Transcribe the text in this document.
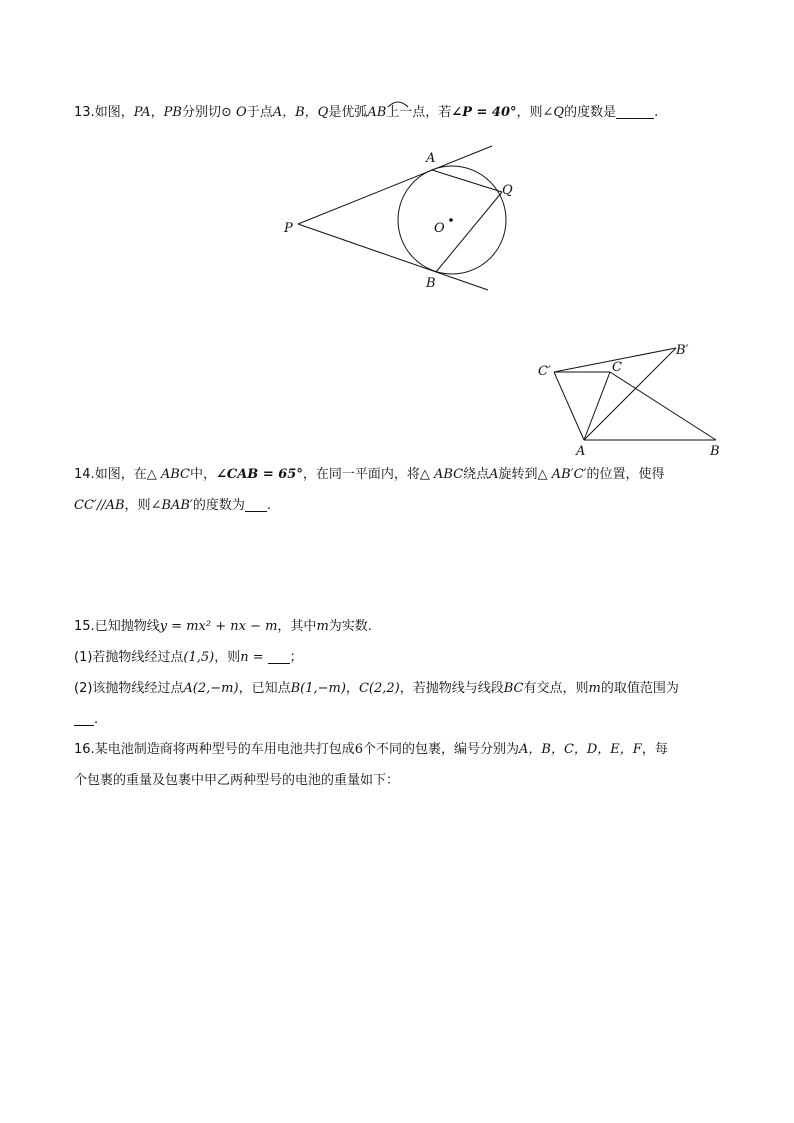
13.如图，PA，PB分别切⊙ O于点A，B，Q是优弧AB上一点，若∠P = 40°，则∠Q的度数是	.
A
Q
O
P
B
C′	C
B′
A	B
14.如图，在△ ABC中，∠CAB = 65°，在同一平面内，将△ ABC绕点A旋转到△ AB′C′的位置，使得
CC′//AB，则∠BAB′的度数为 .
15.已知抛物线y = mx² + nx − m，其中m为实数.
(1)若抛物线经过点(1,5)，则n = ；
(2)该抛物线经过点A(2,−m)，已知点B(1,−m)，C(2,2)，若抛物线与线段BC有交点，则m的取值范围为
.
16.某电池制造商将两种型号的车用电池共打包成6个不同的包裹，编号分别为A，B，C，D，E，F，每
个包裹的重量及包裹中甲乙两种型号的电池的重量如下：
